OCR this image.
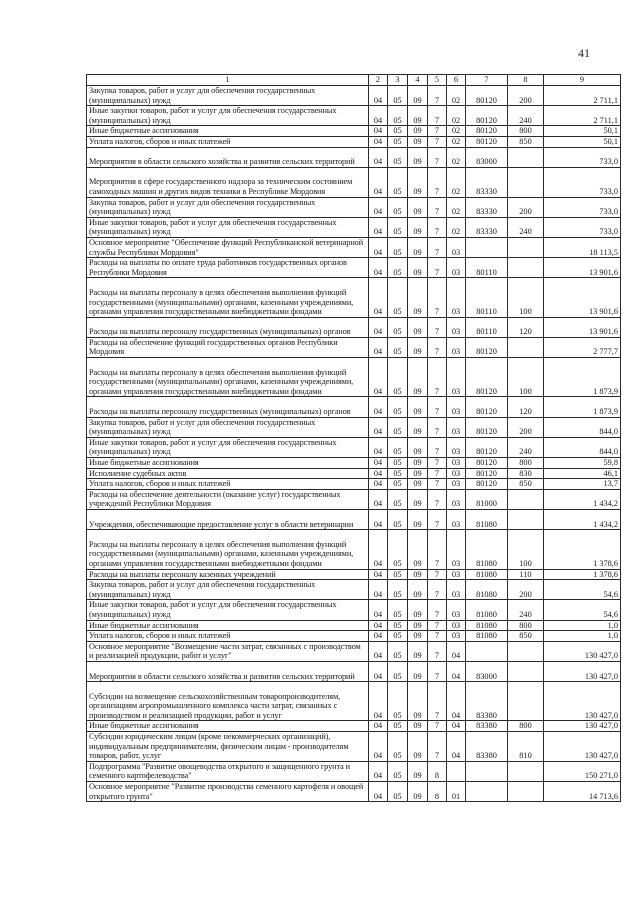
41
1	2	3	4	5	6	7	8	9
Закупка товаров, работ и услуг для обеспечения государственных (муниципальных) нужд	04	05	09	7	02	80120	200	2 711,1
Иные закупки товаров, работ и услуг для обеспечения государственных (муниципальных) нужд	04	05	09	7	02	80120	240	2 711,1
Иные бюджетные ассигнования	04	05	09	7	02	80120	800	50,1
Уплата налогов, сборов и иных платежей	04	05	09	7	02	80120	850	50,1
Мероприятия в области сельского хозяйства и развития сельских территорий	04	05	09	7	02	83000		733,0
Мероприятия в сфере государственного надзора за техническим состоянием самоходных машин и других видов техники в Республике Мордовия	04	05	09	7	02	83330		733,0
Закупка товаров, работ и услуг для обеспечения государственных (муниципальных) нужд	04	05	09	7	02	83330	200	733,0
Иные закупки товаров, работ и услуг для обеспечения государственных (муниципальных) нужд	04	05	09	7	02	83330	240	733,0
Основное мероприятие "Обеспечение функций Республиканской ветеринарной службы Республики Мордовия"	04	05	09	7	03			18 113,5
Расходы на выплаты по оплате труда работников государственных органов Республики Мордовия	04	05	09	7	03	80110		13 901,6
Расходы на выплаты персоналу в целях обеспечения выполнения функций государственными (муниципальными) органами, казенными учреждениями, органами управления государственными внебюджетными фондами	04	05	09	7	03	80110	100	13 901,6
Расходы на выплаты персоналу государственных (муниципальных) органов	04	05	09	7	03	80110	120	13 901,6
Расходы на обеспечение функций государственных органов Республики Мордовия	04	05	09	7	03	80120		2 777,7
Расходы на выплаты персоналу в целях обеспечения выполнения функций государственными (муниципальными) органами, казенными учреждениями, органами управления государственными внебюджетными фондами	04	05	09	7	03	80120	100	1 873,9
Расходы на выплаты персоналу государственных (муниципальных) органов	04	05	09	7	03	80120	120	1 873,9
Закупка товаров, работ и услуг для обеспечения государственных (муниципальных) нужд	04	05	09	7	03	80120	200	844,0
Иные закупки товаров, работ и услуг для обеспечения государственных (муниципальных) нужд	04	05	09	7	03	80120	240	844,0
Иные бюджетные ассигнования	04	05	09	7	03	80120	800	59,8
Исполнение судебных актов	04	05	09	7	03	80120	830	46,1
Уплата налогов, сборов и иных платежей	04	05	09	7	03	80120	850	13,7
Расходы на обеспечение деятельности (оказание услуг) государственных учреждений Республики Мордовия	04	05	09	7	03	81000		1 434,2
Учреждения, обеспечивающие предоставление услуг в области ветеринарии	04	05	09	7	03	81080		1 434,2
Расходы на выплаты персоналу в целях обеспечения выполнения функций государственными (муниципальными) органами, казенными учреждениями, органами управления государственными внебюджетными фондами	04	05	09	7	03	81080	100	1 378,6
Расходы на выплаты персоналу казенных учреждений	04	05	09	7	03	81080	110	1 378,6
Закупка товаров, работ и услуг для обеспечения государственных (муниципальных) нужд	04	05	09	7	03	81080	200	54,6
Иные закупки товаров, работ и услуг для обеспечения государственных (муниципальных) нужд	04	05	09	7	03	81080	240	54,6
Иные бюджетные ассигнования	04	05	09	7	03	81080	800	1,0
Уплата налогов, сборов и иных платежей	04	05	09	7	03	81080	850	1,0
Основное мероприятие "Возмещение части затрат, связанных с производством и реализацией продукции, работ и услуг"	04	05	09	7	04			130 427,0
Мероприятия в области сельского хозяйства и развития сельских территорий	04	05	09	7	04	83000		130 427,0
Субсидии на возмещение сельскохозяйственным товаропроизводителям, организациям агропромышленного комплекса части затрат, связанных с производством и реализацией продукции, работ и услуг	04	05	09	7	04	83380		130 427,0
Иные бюджетные ассигнования	04	05	09	7	04	83380	800	130 427,0
Субсидии юридическим лицам (кроме некоммерческих организаций), индивидуальным предпринимателям, физическим лицам - производителям товаров, работ, услуг	04	05	09	7	04	83380	810	130 427,0
Подпрограмма "Развитие овощеводства открытого и защищенного грунта и семенного картофелеводства"	04	05	09	8				150 271,0
Основное мероприятие "Развитие производства семенного картофеля и овощей открытого грунта"	04	05	09	8	01			14 713,6
